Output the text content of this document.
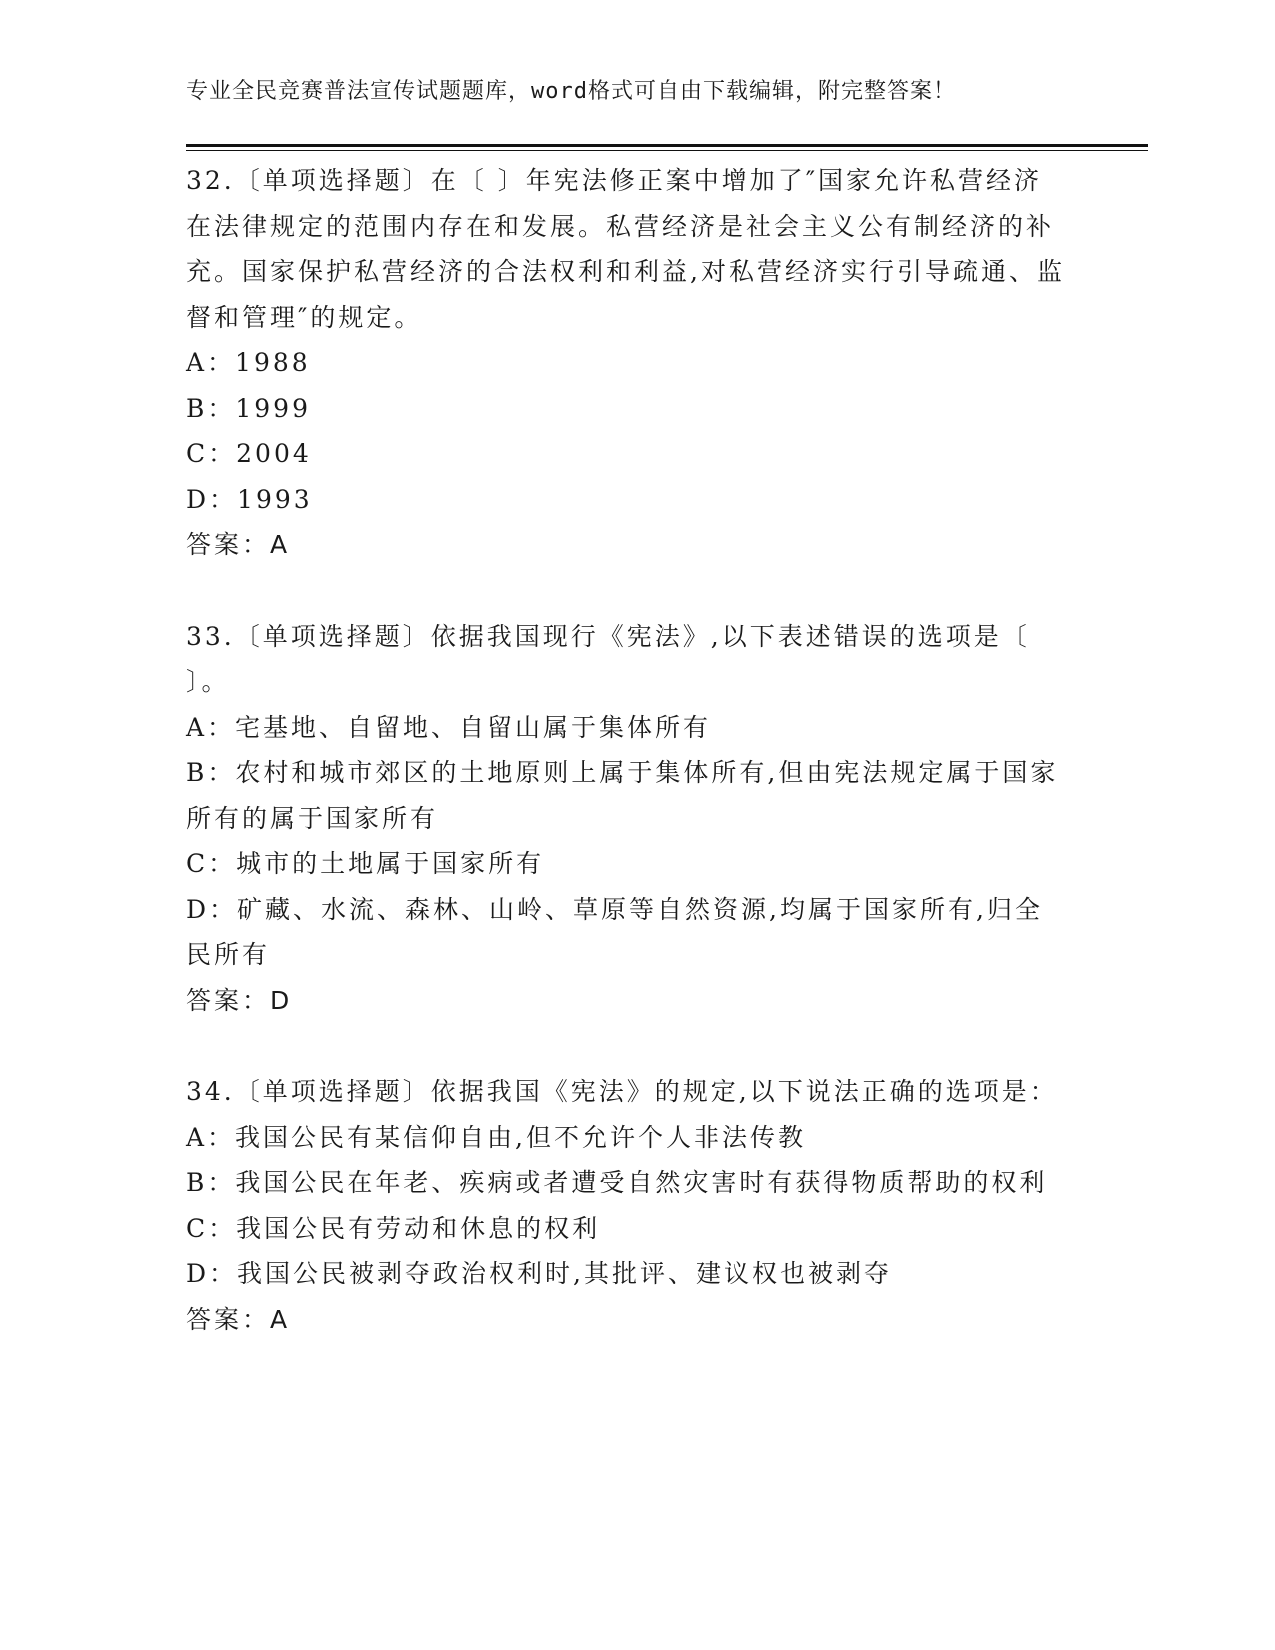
专业全民竞赛普法宣传试题题库，word格式可自由下载编辑，附完整答案！

32.〔单项选择题〕在〔 〕年宪法修正案中增加了″国家允许私营经济在法律规定的范围内存在和发展。私营经济是社会主义公有制经济的补充。国家保护私营经济的合法权利和利益,对私营经济实行引导疏通、监督和管理″的规定。

A：1988

B：1999

C：2004

D：1993

答案：A

33.〔单项选择题〕依据我国现行《宪法》,以下表述错误的选项是〔 〕。

A：宅基地、自留地、自留山属于集体所有

B：农村和城市郊区的土地原则上属于集体所有,但由宪法规定属于国家所有的属于国家所有

C：城市的土地属于国家所有

D：矿藏、水流、森林、山岭、草原等自然资源,均属于国家所有,归全民所有

答案：D

34.〔单项选择题〕依据我国《宪法》的规定,以下说法正确的选项是：

A：我国公民有某信仰自由,但不允许个人非法传教

B：我国公民在年老、疾病或者遭受自然灾害时有获得物质帮助的权利

C：我国公民有劳动和休息的权利

D：我国公民被剥夺政治权利时,其批评、建议权也被剥夺

答案：A
